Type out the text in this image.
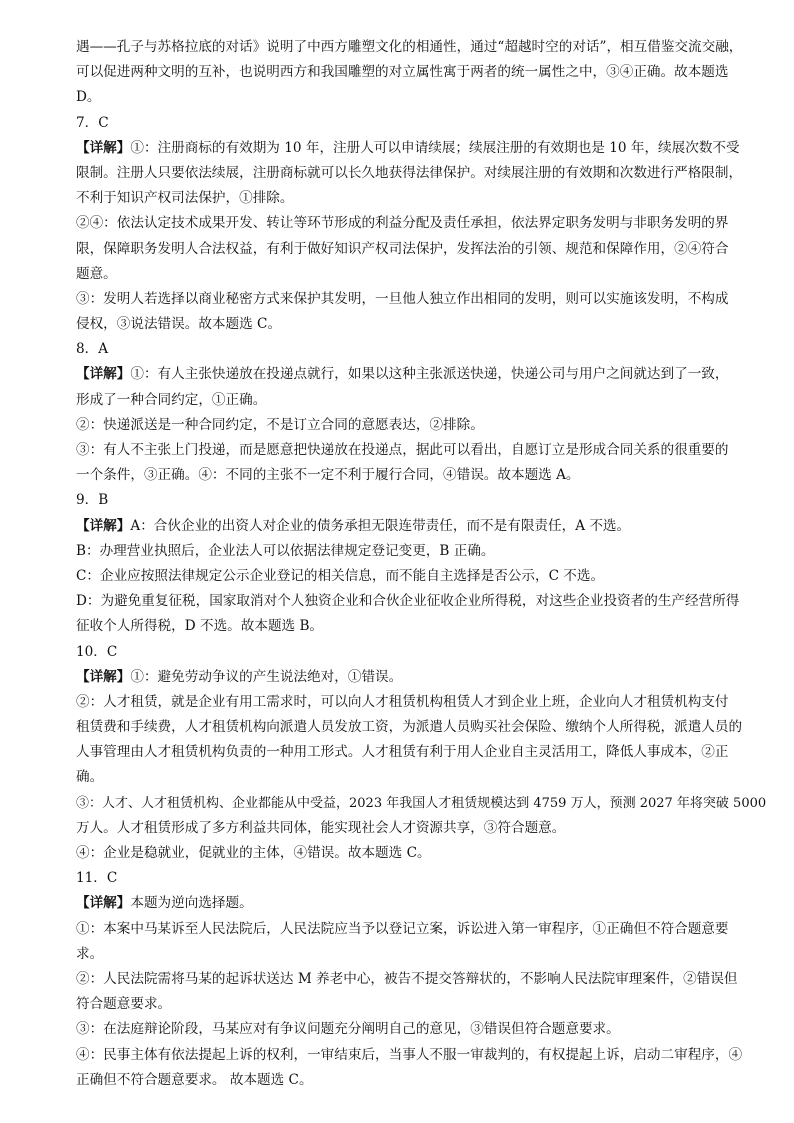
遇——孔子与苏格拉底的对话》说明了中西方雕塑文化的相通性，通过“超越时空的对话”，相互借鉴交流交融，
可以促进两种文明的互补，也说明西方和我国雕塑的对立属性寓于两者的统一属性之中，③④正确。故本题选
D。
7．C
【详解】①：注册商标的有效期为 10 年，注册人可以申请续展；续展注册的有效期也是 10 年，续展次数不受
限制。注册人只要依法续展，注册商标就可以长久地获得法律保护。对续展注册的有效期和次数进行严格限制，
不利于知识产权司法保护，①排除。
②④：依法认定技术成果开发、转让等环节形成的利益分配及责任承担，依法界定职务发明与非职务发明的界
限，保障职务发明人合法权益，有利于做好知识产权司法保护，发挥法治的引领、规范和保障作用，②④符合
题意。
③：发明人若选择以商业秘密方式来保护其发明，一旦他人独立作出相同的发明，则可以实施该发明，不构成
侵权，③说法错误。故本题选 C。
8．A
【详解】①：有人主张快递放在投递点就行，如果以这种主张派送快递，快递公司与用户之间就达到了一致，
形成了一种合同约定，①正确。
②：快递派送是一种合同约定，不是订立合同的意愿表达，②排除。
③：有人不主张上门投递，而是愿意把快递放在投递点，据此可以看出，自愿订立是形成合同关系的很重要的
一个条件，③正确。④：不同的主张不一定不利于履行合同，④错误。故本题选 A。
9．B
【详解】A：合伙企业的出资人对企业的债务承担无限连带责任，而不是有限责任，A 不选。
B：办理营业执照后，企业法人可以依据法律规定登记变更，B 正确。
C：企业应按照法律规定公示企业登记的相关信息，而不能自主选择是否公示，C 不选。
D：为避免重复征税，国家取消对个人独资企业和合伙企业征收企业所得税，对这些企业投资者的生产经营所得
征收个人所得税，D 不选。故本题选 B。
10．C
【详解】①：避免劳动争议的产生说法绝对，①错误。
②：人才租赁，就是企业有用工需求时，可以向人才租赁机构租赁人才到企业上班，企业向人才租赁机构支付
租赁费和手续费，人才租赁机构向派遣人员发放工资，为派遣人员购买社会保险、缴纳个人所得税，派遣人员的
人事管理由人才租赁机构负责的一种用工形式。人才租赁有利于用人企业自主灵活用工，降低人事成本，②正
确。
③：人才、人才租赁机构、企业都能从中受益，2023 年我国人才租赁规模达到 4759 万人，预测 2027 年将突破 5000
万人。人才租赁形成了多方利益共同体，能实现社会人才资源共享，③符合题意。
④：企业是稳就业，促就业的主体，④错误。故本题选 C。
11．C
【详解】本题为逆向选择题。
①：本案中马某诉至人民法院后，人民法院应当予以登记立案，诉讼进入第一审程序，①正确但不符合题意要
求。
②：人民法院需将马某的起诉状送达 M 养老中心，被告不提交答辩状的，不影响人民法院审理案件，②错误但
符合题意要求。
③：在法庭辩论阶段，马某应对有争议问题充分阐明自己的意见，③错误但符合题意要求。
④：民事主体有依法提起上诉的权利，一审结束后，当事人不服一审裁判的，有权提起上诉，启动二审程序，④
正确但不符合题意要求。 故本题选 C。
